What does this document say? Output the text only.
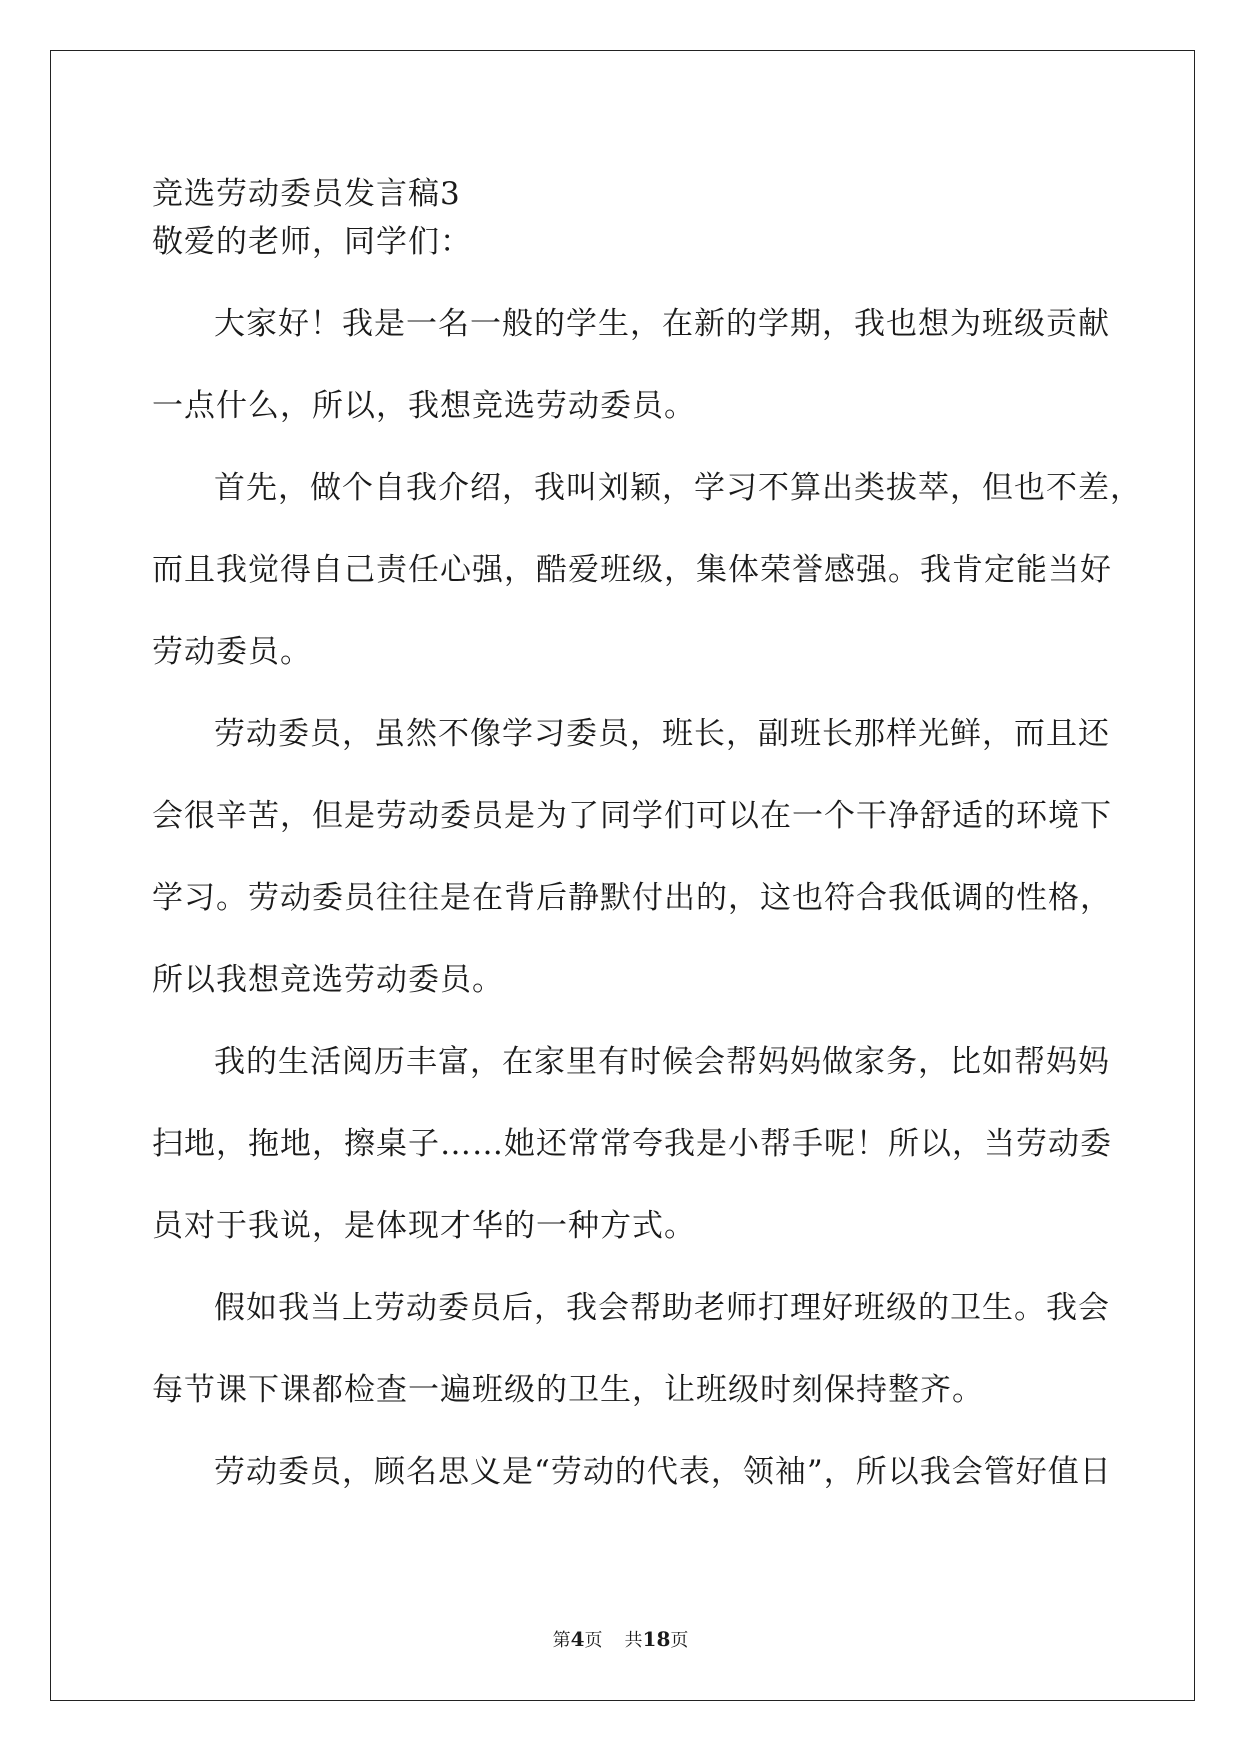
竞选劳动委员发言稿3
敬爱的老师，同学们：
大家好！我是一名一般的学生，在新的学期，我也想为班级贡献
一点什么，所以，我想竞选劳动委员。
首先，做个自我介绍，我叫刘颖，学习不算出类拔萃，但也不差，
而且我觉得自己责任心强，酷爱班级，集体荣誉感强。我肯定能当好
劳动委员。
劳动委员，虽然不像学习委员，班长，副班长那样光鲜，而且还
会很辛苦，但是劳动委员是为了同学们可以在一个干净舒适的环境下
学习。劳动委员往往是在背后静默付出的，这也符合我低调的性格，
所以我想竞选劳动委员。
我的生活阅历丰富，在家里有时候会帮妈妈做家务，比如帮妈妈
扫地，拖地，擦桌子……她还常常夸我是小帮手呢！所以，当劳动委
员对于我说，是体现才华的一种方式。
假如我当上劳动委员后，我会帮助老师打理好班级的卫生。我会
每节课下课都检查一遍班级的卫生，让班级时刻保持整齐。
劳动委员，顾名思义是“劳动的代表，领袖”，所以我会管好值日
第4页 共18页
